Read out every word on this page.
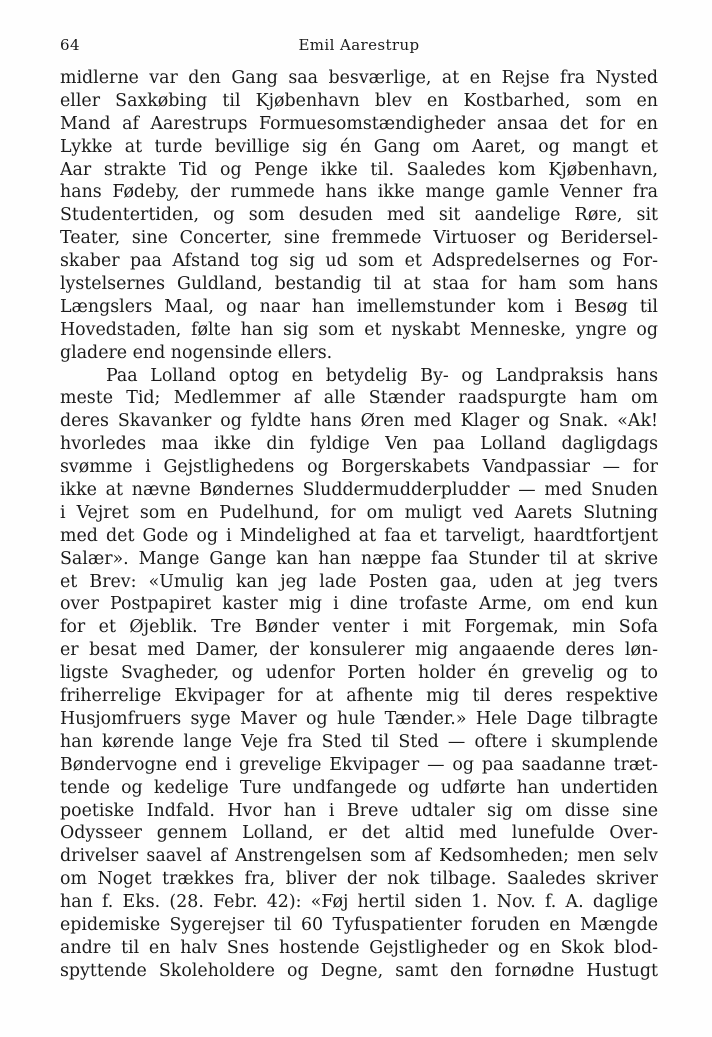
64	Emil Aarestrup
midlerne var den Gang saa besværlige, at en Rejse fra Nysted
eller Saxkøbing til Kjøbenhavn blev en Kostbarhed, som en
Mand af Aarestrups Formuesomstændigheder ansaa det for en
Lykke at turde bevillige sig én Gang om Aaret, og mangt et
Aar strakte Tid og Penge ikke til. Saaledes kom Kjøbenhavn,
hans Fødeby, der rummede hans ikke mange gamle Venner fra
Studentertiden, og som desuden med sit aandelige Røre, sit
Teater, sine Concerter, sine fremmede Virtuoser og Beridersel-
skaber paa Afstand tog sig ud som et Adspredelsernes og For-
lystelsernes Guldland, bestandig til at staa for ham som hans
Længslers Maal, og naar han imellemstunder kom i Besøg til
Hovedstaden, følte han sig som et nyskabt Menneske, yngre og
gladere end nogensinde ellers.
Paa Lolland optog en betydelig By- og Landpraksis hans
meste Tid; Medlemmer af alle Stænder raadspurgte ham om
deres Skavanker og fyldte hans Øren med Klager og Snak. «Ak!
hvorledes maa ikke din fyldige Ven paa Lolland dagligdags
svømme i Gejstlighedens og Borgerskabets Vandpassiar — for
ikke at nævne Bøndernes Sluddermudderpludder — med Snuden
i Vejret som en Pudelhund, for om muligt ved Aarets Slutning
med det Gode og i Mindelighed at faa et tarveligt, haardtfortjent
Salær». Mange Gange kan han næppe faa Stunder til at skrive
et Brev: «Umulig kan jeg lade Posten gaa, uden at jeg tvers
over Postpapiret kaster mig i dine trofaste Arme, om end kun
for et Øjeblik. Tre Bønder venter i mit Forgemak, min Sofa
er besat med Damer, der konsulerer mig angaaende deres løn-
ligste Svagheder, og udenfor Porten holder én grevelig og to
friherrelige Ekvipager for at afhente mig til deres respektive
Husjomfruers syge Maver og hule Tænder.» Hele Dage tilbragte
han kørende lange Veje fra Sted til Sted — oftere i skumplende
Bøndervogne end i grevelige Ekvipager — og paa saadanne træt-
tende og kedelige Ture undfangede og udførte han undertiden
poetiske Indfald. Hvor han i Breve udtaler sig om disse sine
Odysseer gennem Lolland, er det altid med lunefulde Over-
drivelser saavel af Anstrengelsen som af Kedsomheden; men selv
om Noget trækkes fra, bliver der nok tilbage. Saaledes skriver
han f. Eks. (28. Febr. 42): «Føj hertil siden 1. Nov. f. A. daglige
epidemiske Sygerejser til 60 Tyfuspatienter foruden en Mængde
andre til en halv Snes hostende Gejstligheder og en Skok blod-
spyttende Skoleholdere og Degne, samt den fornødne Hustugt
